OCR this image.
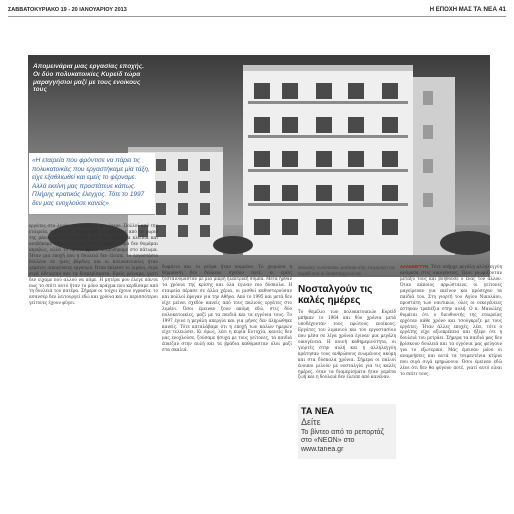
ΣΑΒΒΑΤΟΚΥΡΙΑΚΟ 19 - 20 ΙΑΝΟΥΑΡΙΟΥ 2013	Η ΕΠΟΧΗ ΜΑΣ ΤΑ ΝΕΑ 41
Απομεινάρια μιας εργασίας εποχής. Οι δύο πολυκατοικίες Κυρείδ τώρα μαραγγήσιοι μαζί με τους ενοίκους τους
«Η εταιρεία που φρόντισε να πάρει τις πολυκατοικίες που εργαστήκαμε μία τάξη, είχε εξαθλιωθεί και εμείς το φέρναμε. Αλλά εκείνη μας προστάτευε κάπως. Πλήρης κρατικός έλεγχος. Τότε το 1997 δεν μας ενοχλούσε κανείς»

εργάτες στο λιμάνι τα φόρτωνε και έφερε. Πολλοί από την εταιρεία, πρώτοι απ' όλους ήρθε ο μάστορας από το χωριό της μάνας μου. Ο πατέρας μου είχε πάρει τα κλειδιά και ανεβήκαμε όλοι μαζί στον τρίτο όροφο. Τώρα δεν θυμάμαι ακριβώς, αλλά το πρώτο βράδυ κοιμηθήκαμε στο πάτωμα. Ήταν μια εποχή που η δουλειά δεν έλειπε, το εργοστάσιο δούλευε σε τρεις βάρδιες και οι πολυκατοικίες ήταν γεμάτες οικογένειες εργατών. Όταν έκλεισε το λιμάνι, σιγά σιγά άδειασαν και τα διαμερίσματα. Εμείς μείναμε, γιατί δεν είχαμε πού αλλού να πάμε. Η μητέρα μου έλεγε πάντα πως το σπίτι αυτό ήταν το μόνο πράγμα που κερδίσαμε από τη δουλειά του πατέρα. Σήμερα οι τοίχοι έχουν υγρασία, το ασανσέρ δεν λειτουργεί εδώ και χρόνια και οι περισσότεροι γείτονες έχουν φύγει.

δωμάτιο και το ρεύμα ήταν κομμένο. Το χειμώνα η θέρμανση δεν δούλευε σχεδόν ποτέ, κι εμείς ζεσταινόμασταν με μια μικρή ηλεκτρική σόμπα. Μετά ήρθαν τα χρόνια της κρίσης και όλα έγιναν πιο δύσκολα. Η εταιρεία πέρασε σε άλλα χέρια, οι μισθοί καθυστερούσαν και πολλοί έφυγαν για την Αθήνα. Από το 1995 και μετά δεν είχε μείνει σχεδόν κανείς από τους παλιούς εργάτες στο λιμάνι. Όσοι έμειναν ζουν ακόμη εδώ, στις δύο πολυκατοικίες, μαζί με τα παιδιά και τα εγγόνια τους. Το 1997 έγινε η μεγάλη απεργία και για μήνες δεν πληρώθηκε κανείς. Τότε καταλάβαμε ότι η εποχή των καλών ημερών είχε τελειώσει. Κι όμως, λέει η κυρία Ευτυχία, κανείς δεν μας ενοχλούσε, ζούσαμε ήσυχα με τους γείτονες, τα παιδιά έπαιζαν στην αυλή και τα βράδια καθόμασταν όλοι μαζί στα σκαλιά.

Μανώλης Αναστασίου. Δούλεψε στην επιχείρηση του Κυρείδ από το δεκαεπταχρονο του
Νοσταλγούν τις καλές ημέρες
Το θεμέλιο των πολυκατοικιών Κυρείδ μπήκαν το 1964 και δύο χρόνια μετά υποδέχονταν τους πρώτους ενοίκους. Εργάτες του λιμανιού και του εργοστασίου που μέσα σε λίγα χρόνια έγιναν μια μεγάλη οικογένεια. Η κοινή καθημερινότητα, οι γιορτές στην αυλή και η αλληλεγγύη κράτησαν τους ανθρώπους ενωμένους ακόμη και στα δύσκολα χρόνια. Σήμερα οι παλιοί ένοικοι μιλούν με νοσταλγία για τις καλές ημέρες, όταν τα διαμερίσματα ήταν γεμάτα ζωή και η δουλειά δεν έλειπε από κανέναν.
ΤΑ ΝΕΑ
Δείτε
Το βίντεο από το ρεπορτάζ στο «ΝΕΩΝ» στο www.tanea.gr

ΑΛΛΗΛΕΓΓΥΗ. Τότε υπήρχε μεγάλη αλληλεγγύη ανάμεσα στις οικογένειες. Όλοι γνωρίζονταν μεταξύ τους και βοηθούσε ο ένας τον άλλον. Όταν κάποιος αρρώσταινε, οι γείτονες μαγείρευαν για εκείνον και πρόσεχαν τα παιδιά του. Στη γιορτή του Αγίου Νικολάου, προστάτη των ναυτικών, όλες οι οικογένειες έστηναν τραπέζια στην αυλή. Ο κ. Μανώλης θυμάται ότι ο διευθυντής της εταιρείας ερχόταν κάθε χρόνο και τσούγκριζε με τους εργάτες. Ήταν άλλες εποχές, λέει, τότε ο εργάτης είχε αξιοπρέπεια και ήξερε ότι η δουλειά του μετράει. Σήμερα τα παιδιά μας δεν βρίσκουν δουλειά και τα εγγόνια μας φεύγουν για το εξωτερικό. Μας έμειναν μόνο οι αναμνήσεις και αυτά τα τσιμεντένια κτίρια που σιγά σιγά ερημώνουν. Όσοι έμειναν εδώ λένε ότι δεν θα φύγουν ποτέ, γιατί αυτό είναι το σπίτι τους.
